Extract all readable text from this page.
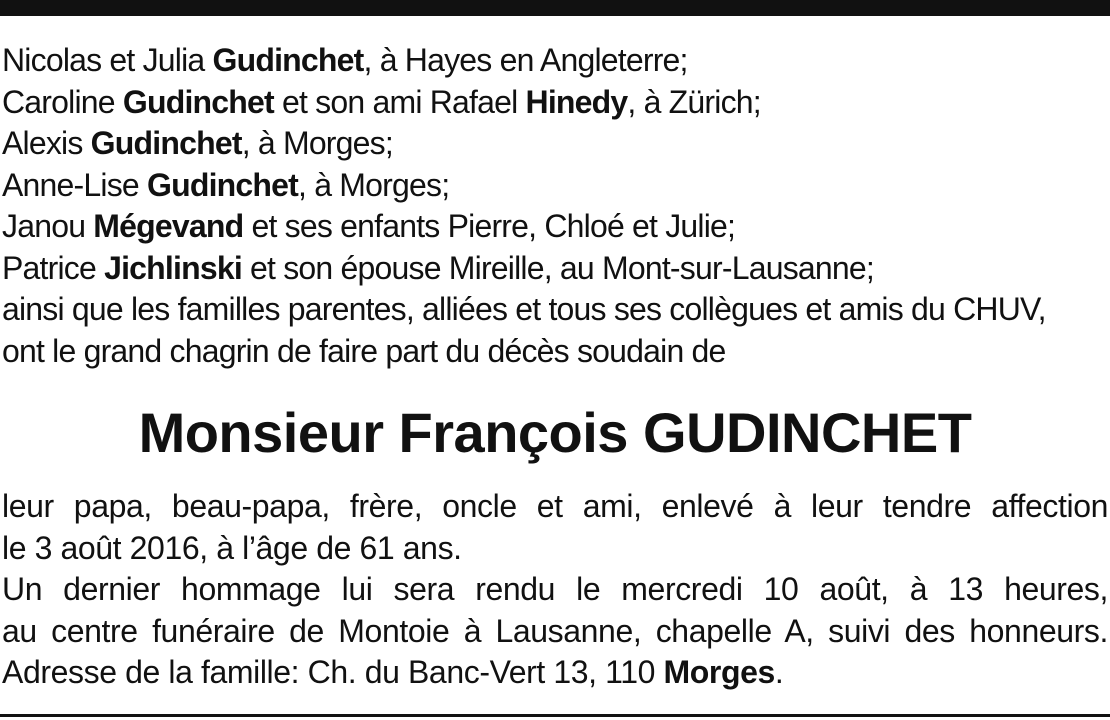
Nicolas et Julia Gudinchet, à Hayes en Angleterre;
Caroline Gudinchet et son ami Rafael Hinedy, à Zürich;
Alexis Gudinchet, à Morges;
Anne-Lise Gudinchet, à Morges;
Janou Mégevand et ses enfants Pierre, Chloé et Julie;
Patrice Jichlinski et son épouse Mireille, au Mont-sur-Lausanne;
ainsi que les familles parentes, alliées et tous ses collègues et amis du CHUV,
ont le grand chagrin de faire part du décès soudain de
Monsieur François GUDINCHET
leur papa, beau-papa, frère, oncle et ami, enlevé à leur tendre affection
le 3 août 2016, à l’âge de 61 ans.
Un dernier hommage lui sera rendu le mercredi 10 août, à 13 heures,
au centre funéraire de Montoie à Lausanne, chapelle A, suivi des honneurs.
Adresse de la famille: Ch. du Banc-Vert 13, 110 Morges.
